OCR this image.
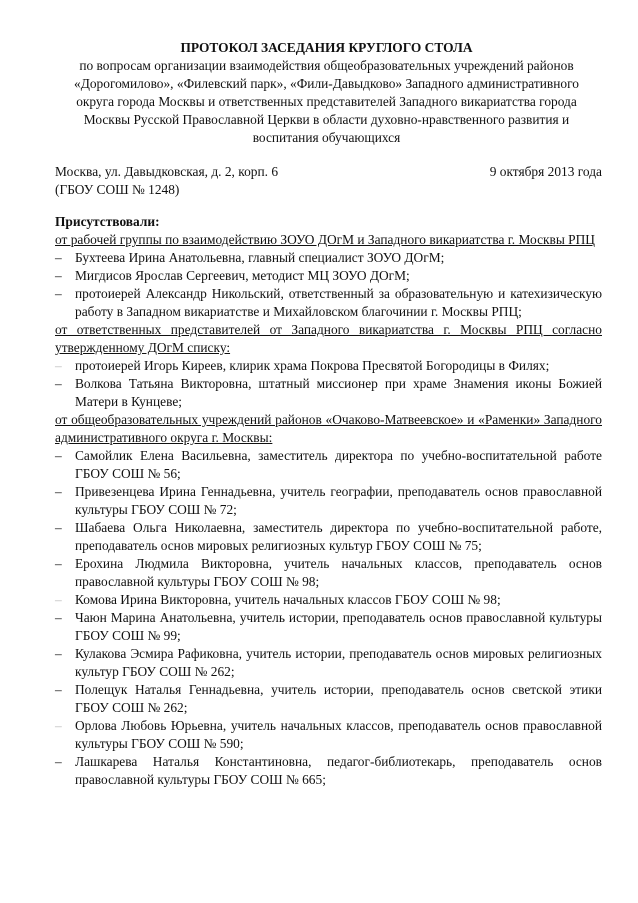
ПРОТОКОЛ ЗАСЕДАНИЯ КРУГЛОГО СТОЛА
по вопросам организации взаимодействия общеобразовательных учреждений районов «Дорогомилово», «Филевский парк», «Фили-Давыдково» Западного административного округа города Москвы и ответственных представителей Западного викариатства города Москвы Русской Православной Церкви в области духовно-нравственного развития и воспитания обучающихся
Москва, ул. Давыдковская, д. 2, корп. 6	9 октября 2013 года
(ГБОУ СОШ № 1248)
Присутствовали:
от рабочей группы по взаимодействию ЗОУО ДОгМ и Западного викариатства г. Москвы РПЦ
– Бухтеева Ирина Анатольевна, главный специалист ЗОУО ДОгМ;
– Мигдисов Ярослав Сергеевич, методист МЦ ЗОУО ДОгМ;
– протоиерей Александр Никольский, ответственный за образовательную и катехизическую работу в Западном викариатстве и Михайловском благочинии г. Москвы РПЦ;
от ответственных представителей от Западного викариатства г. Москвы РПЦ согласно утвержденному ДОгМ списку:
– протоиерей Игорь Киреев, клирик храма Покрова Пресвятой Богородицы в Филях;
– Волкова Татьяна Викторовна, штатный миссионер при храме Знамения иконы Божией Матери в Кунцеве;
от общеобразовательных учреждений районов «Очаково-Матвеевское» и «Раменки» Западного административного округа г. Москвы:
– Самойлик Елена Васильевна, заместитель директора по учебно-воспитательной работе ГБОУ СОШ № 56;
– Привезенцева Ирина Геннадьевна, учитель географии, преподаватель основ православной культуры ГБОУ СОШ № 72;
– Шабаева Ольга Николаевна, заместитель директора по учебно-воспитательной работе, преподаватель основ мировых религиозных культур ГБОУ СОШ № 75;
– Ерохина Людмила Викторовна, учитель начальных классов, преподаватель основ православной культуры ГБОУ СОШ № 98;
– Комова Ирина Викторовна, учитель начальных классов ГБОУ СОШ № 98;
– Чаюн Марина Анатольевна, учитель истории, преподаватель основ православной культуры ГБОУ СОШ № 99;
– Кулакова Эсмира Рафиковна, учитель истории, преподаватель основ мировых религиозных культур ГБОУ СОШ № 262;
– Полещук Наталья Геннадьевна, учитель истории, преподаватель основ светской этики ГБОУ СОШ № 262;
– Орлова Любовь Юрьевна, учитель начальных классов, преподаватель основ православной культуры ГБОУ СОШ № 590;
– Лашкарева Наталья Константиновна, педагог-библиотекарь, преподаватель основ православной культуры ГБОУ СОШ № 665;
